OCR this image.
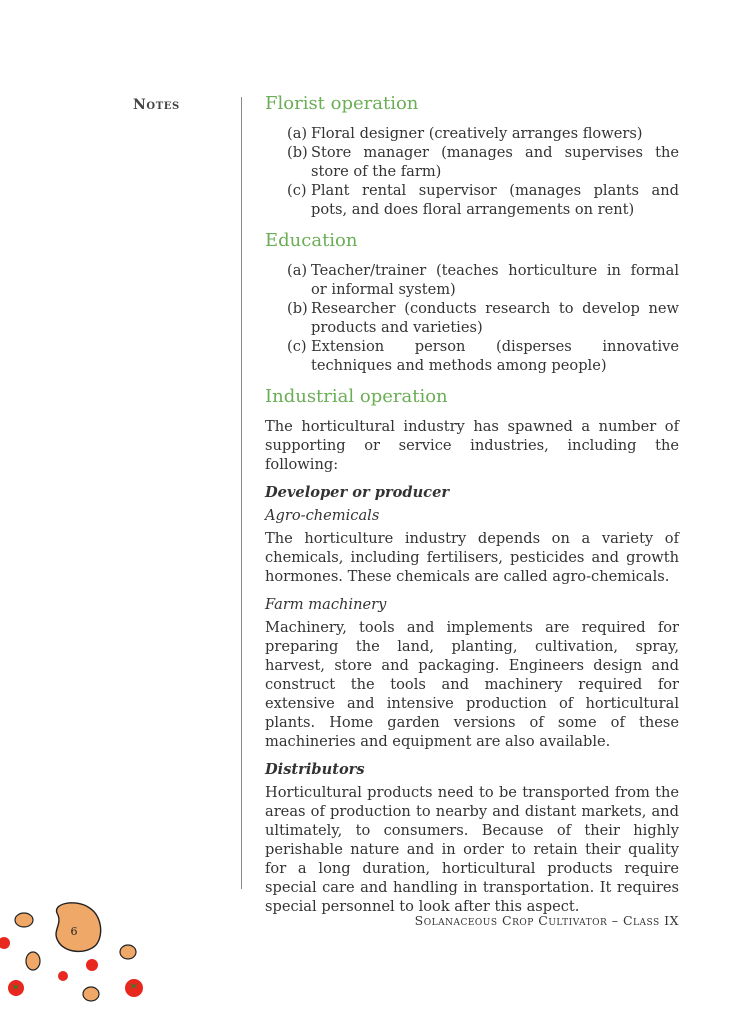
Notes	Florist operation
(a) Floral designer (creatively arranges flowers)
(b) Store manager (manages and supervises the store of the farm)
(c) Plant rental supervisor (manages plants and pots, and does floral arrangements on rent)
Education
(a) Teacher/trainer (teaches horticulture in formal or informal system)
(b) Researcher (conducts research to develop new products and varieties)
(c) Extension person (disperses innovative techniques and methods among people)
Industrial operation

The horticultural industry has spawned a number of supporting or service industries, including the following:

Developer or producer
Agro-chemicals

The horticulture industry depends on a variety of chemicals, including fertilisers, pesticides and growth hormones. These chemicals are called agro-chemicals.

Farm machinery

Machinery, tools and implements are required for preparing the land, planting, cultivation, spray, harvest, store and packaging. Engineers design and construct the tools and machinery required for extensive and intensive production of horticultural plants. Home garden versions of some of these machineries and equipment are also available.

Distributors

Horticultural products need to be transported from the areas of production to nearby and distant markets, and ultimately, to consumers. Because of their highly perishable nature and in order to retain their quality for a long duration, horticultural products require special care and handling in transportation. It requires special personnel to look after this aspect.

Solanaceous Crop Cultivator – Class IX
6
